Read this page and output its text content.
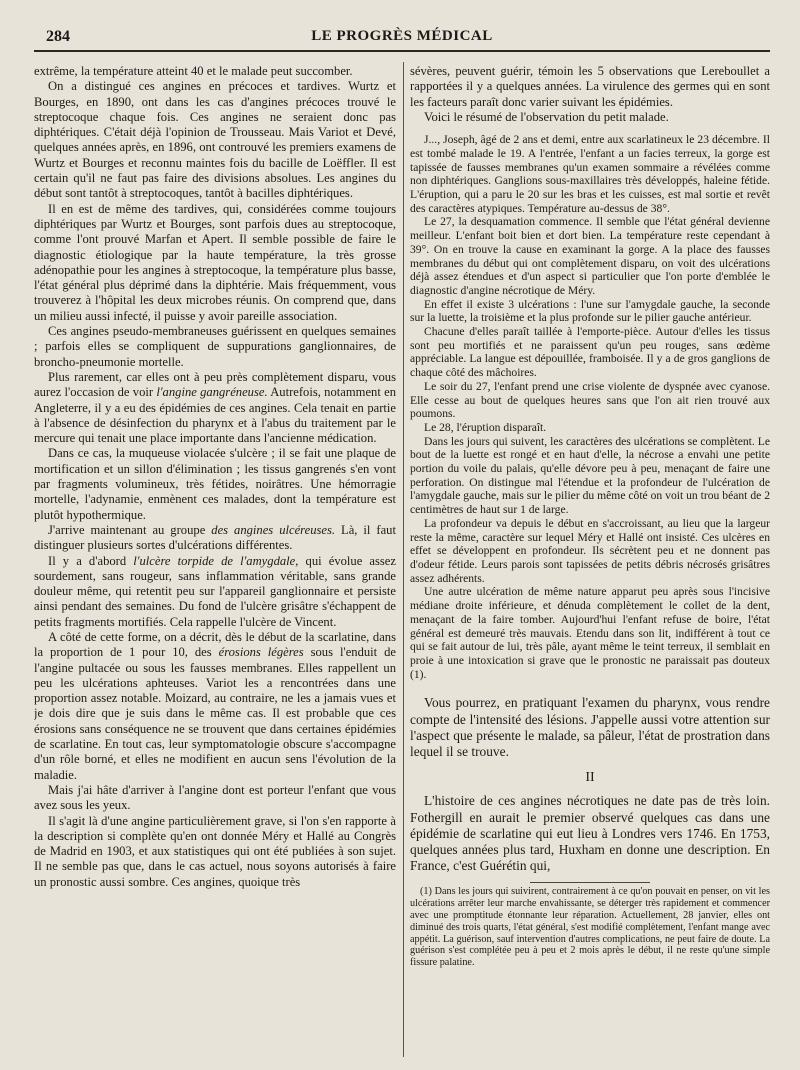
284	LE PROGRÈS MÉDICAL

extrême, la température atteint 40 et le malade peut succomber.

On a distingué ces angines en précoces et tardives. Wurtz et Bourges, en 1890, ont dans les cas d'angines précoces trouvé le streptocoque chaque fois. Ces angines ne seraient donc pas diphtériques. C'était déjà l'opinion de Trousseau. Mais Variot et Devé, quelques années après, en 1896, ont controuvé les premiers examens de Wurtz et Bourges et reconnu maintes fois du bacille de Loëffler. Il est certain qu'il ne faut pas faire des divisions absolues. Les angines du début sont tantôt à streptocoques, tantôt à bacilles diphtériques.

Il en est de même des tardives, qui, considérées comme toujours diphtériques par Wurtz et Bourges, sont parfois dues au streptocoque, comme l'ont prouvé Marfan et Apert. Il semble possible de faire le diagnostic étiologique par la haute température, la très grosse adénopathie pour les angines à streptocoque, la température plus basse, l'état général plus déprimé dans la diphtérie. Mais fréquemment, vous trouverez à l'hôpital les deux microbes réunis. On comprend que, dans un milieu aussi infecté, il puisse y avoir pareille association.

Ces angines pseudo-membraneuses guérissent en quelques semaines ; parfois elles se compliquent de suppurations ganglionnaires, de broncho-pneumonie mortelle.

Plus rarement, car elles ont à peu près complètement disparu, vous aurez l'occasion de voir l'angine gangréneuse. Autrefois, notamment en Angleterre, il y a eu des épidémies de ces angines. Cela tenait en partie à l'absence de désinfection du pharynx et à l'abus du traitement par le mercure qui tenait une place importante dans l'ancienne médication.

Dans ce cas, la muqueuse violacée s'ulcère ; il se fait une plaque de mortification et un sillon d'élimination ; les tissus gangrenés s'en vont par fragments volumineux, très fétides, noirâtres. Une hémorragie mortelle, l'adynamie, enmènent ces malades, dont la température est plutôt hypothermique.

J'arrive maintenant au groupe des angines ulcéreuses. Là, il faut distinguer plusieurs sortes d'ulcérations différentes.

Il y a d'abord l'ulcère torpide de l'amygdale, qui évolue assez sourdement, sans rougeur, sans inflammation véritable, sans grande douleur même, qui retentit peu sur l'appareil ganglionnaire et persiste ainsi pendant des semaines. Du fond de l'ulcère grisâtre s'échappent de petits fragments mortifiés. Cela rappelle l'ulcère de Vincent.

A côté de cette forme, on a décrit, dès le début de la scarlatine, dans la proportion de 1 pour 10, des érosions légères sous l'enduit de l'angine pultacée ou sous les fausses membranes. Elles rappellent un peu les ulcérations aphteuses. Variot les a rencontrées dans une proportion assez notable. Moizard, au contraire, ne les a jamais vues et je dois dire que je suis dans le même cas. Il est probable que ces érosions sans conséquence ne se trouvent que dans certaines épidémies de scarlatine. En tout cas, leur symptomatologie obscure s'accompagne d'un rôle borné, et elles ne modifient en aucun sens l'évolution de la maladie.

Mais j'ai hâte d'arriver à l'angine dont est porteur l'enfant que vous avez sous les yeux.

Il s'agit là d'une angine particulièrement grave, si l'on s'en rapporte à la description si complète qu'en ont donnée Méry et Hallé au Congrès de Madrid en 1903, et aux statistiques qui ont été publiées à son sujet. Il ne semble pas que, dans le cas actuel, nous soyons autorisés à faire un pronostic aussi sombre. Ces angines, quoique très

sévères, peuvent guérir, témoin les 5 observations que Lereboullet a rapportées il y a quelques années. La virulence des germes qui en sont les facteurs paraît donc varier suivant les épidémies.

Voici le résumé de l'observation du petit malade.

J..., Joseph, âgé de 2 ans et demi, entre aux scarlatineux le 23 décembre. Il est tombé malade le 19. A l'entrée, l'enfant a un facies terreux, la gorge est tapissée de fausses membranes qu'un examen sommaire a révélées comme non diphtériques. Ganglions sous-maxillaires très développés, haleine fétide. L'éruption, qui a paru le 20 sur les bras et les cuisses, est mal sortie et revêt des caractères atypiques. Température au-dessus de 38°.

Le 27, la desquamation commence. Il semble que l'état général devienne meilleur. L'enfant boit bien et dort bien. La température reste cependant à 39°. On en trouve la cause en examinant la gorge. A la place des fausses membranes du début qui ont complètement disparu, on voit des ulcérations déjà assez étendues et d'un aspect si particulier que l'on porte d'emblée le diagnostic d'angine nécrotique de Méry.

En effet il existe 3 ulcérations : l'une sur l'amygdale gauche, la seconde sur la luette, la troisième et la plus profonde sur le pilier gauche antérieur.

Chacune d'elles paraît taillée à l'emporte-pièce. Autour d'elles les tissus sont peu mortifiés et ne paraissent qu'un peu rouges, sans œdème appréciable. La langue est dépouillée, framboisée. Il y a de gros ganglions de chaque côté des mâchoires.

Le soir du 27, l'enfant prend une crise violente de dyspnée avec cyanose. Elle cesse au bout de quelques heures sans que l'on ait rien trouvé aux poumons.

Le 28, l'éruption disparaît.

Dans les jours qui suivent, les caractères des ulcérations se complètent. Le bout de la luette est rongé et en haut d'elle, la nécrose a envahi une petite portion du voile du palais, qu'elle dévore peu à peu, menaçant de faire une perforation. On distingue mal l'étendue et la profondeur de l'ulcération de l'amygdale gauche, mais sur le pilier du même côté on voit un trou béant de 2 centimètres de haut sur 1 de large.

La profondeur va depuis le début en s'accroissant, au lieu que la largeur reste la même, caractère sur lequel Méry et Hallé ont insisté. Ces ulcères en effet se développent en profondeur. Ils sécrètent peu et ne donnent pas d'odeur fétide. Leurs parois sont tapissées de petits débris nécrosés grisâtres assez adhérents.

Une autre ulcération de même nature apparut peu après sous l'incisive médiane droite inférieure, et dénuda complètement le collet de la dent, menaçant de la faire tomber. Aujourd'hui l'enfant refuse de boire, l'état général est demeuré très mauvais. Etendu dans son lit, indifférent à tout ce qui se fait autour de lui, très pâle, ayant même le teint terreux, il semblait en proie à une intoxication si grave que le pronostic ne paraissait pas douteux (1).

Vous pourrez, en pratiquant l'examen du pharynx, vous rendre compte de l'intensité des lésions. J'appelle aussi votre attention sur l'aspect que présente le malade, sa pâleur, l'état de prostration dans lequel il se trouve.

II

L'histoire de ces angines nécrotiques ne date pas de très loin. Fothergill en aurait le premier observé quelques cas dans une épidémie de scarlatine qui eut lieu à Londres vers 1746. En 1753, quelques années plus tard, Huxham en donne une description. En France, c'est Guérétin qui,

(1) Dans les jours qui suivirent, contrairement à ce qu'on pouvait en penser, on vit les ulcérations arrêter leur marche envahissante, se déterger très rapidement et commencer avec une promptitude étonnante leur réparation. Actuellement, 28 janvier, elles ont diminué des trois quarts, l'état général, s'est modifié complètement, l'enfant mange avec appétit. La guérison, sauf intervention d'autres complications, ne peut faire de doute. La guérison s'est complétée peu à peu et 2 mois après le début, il ne reste qu'une simple fissure palatine.
